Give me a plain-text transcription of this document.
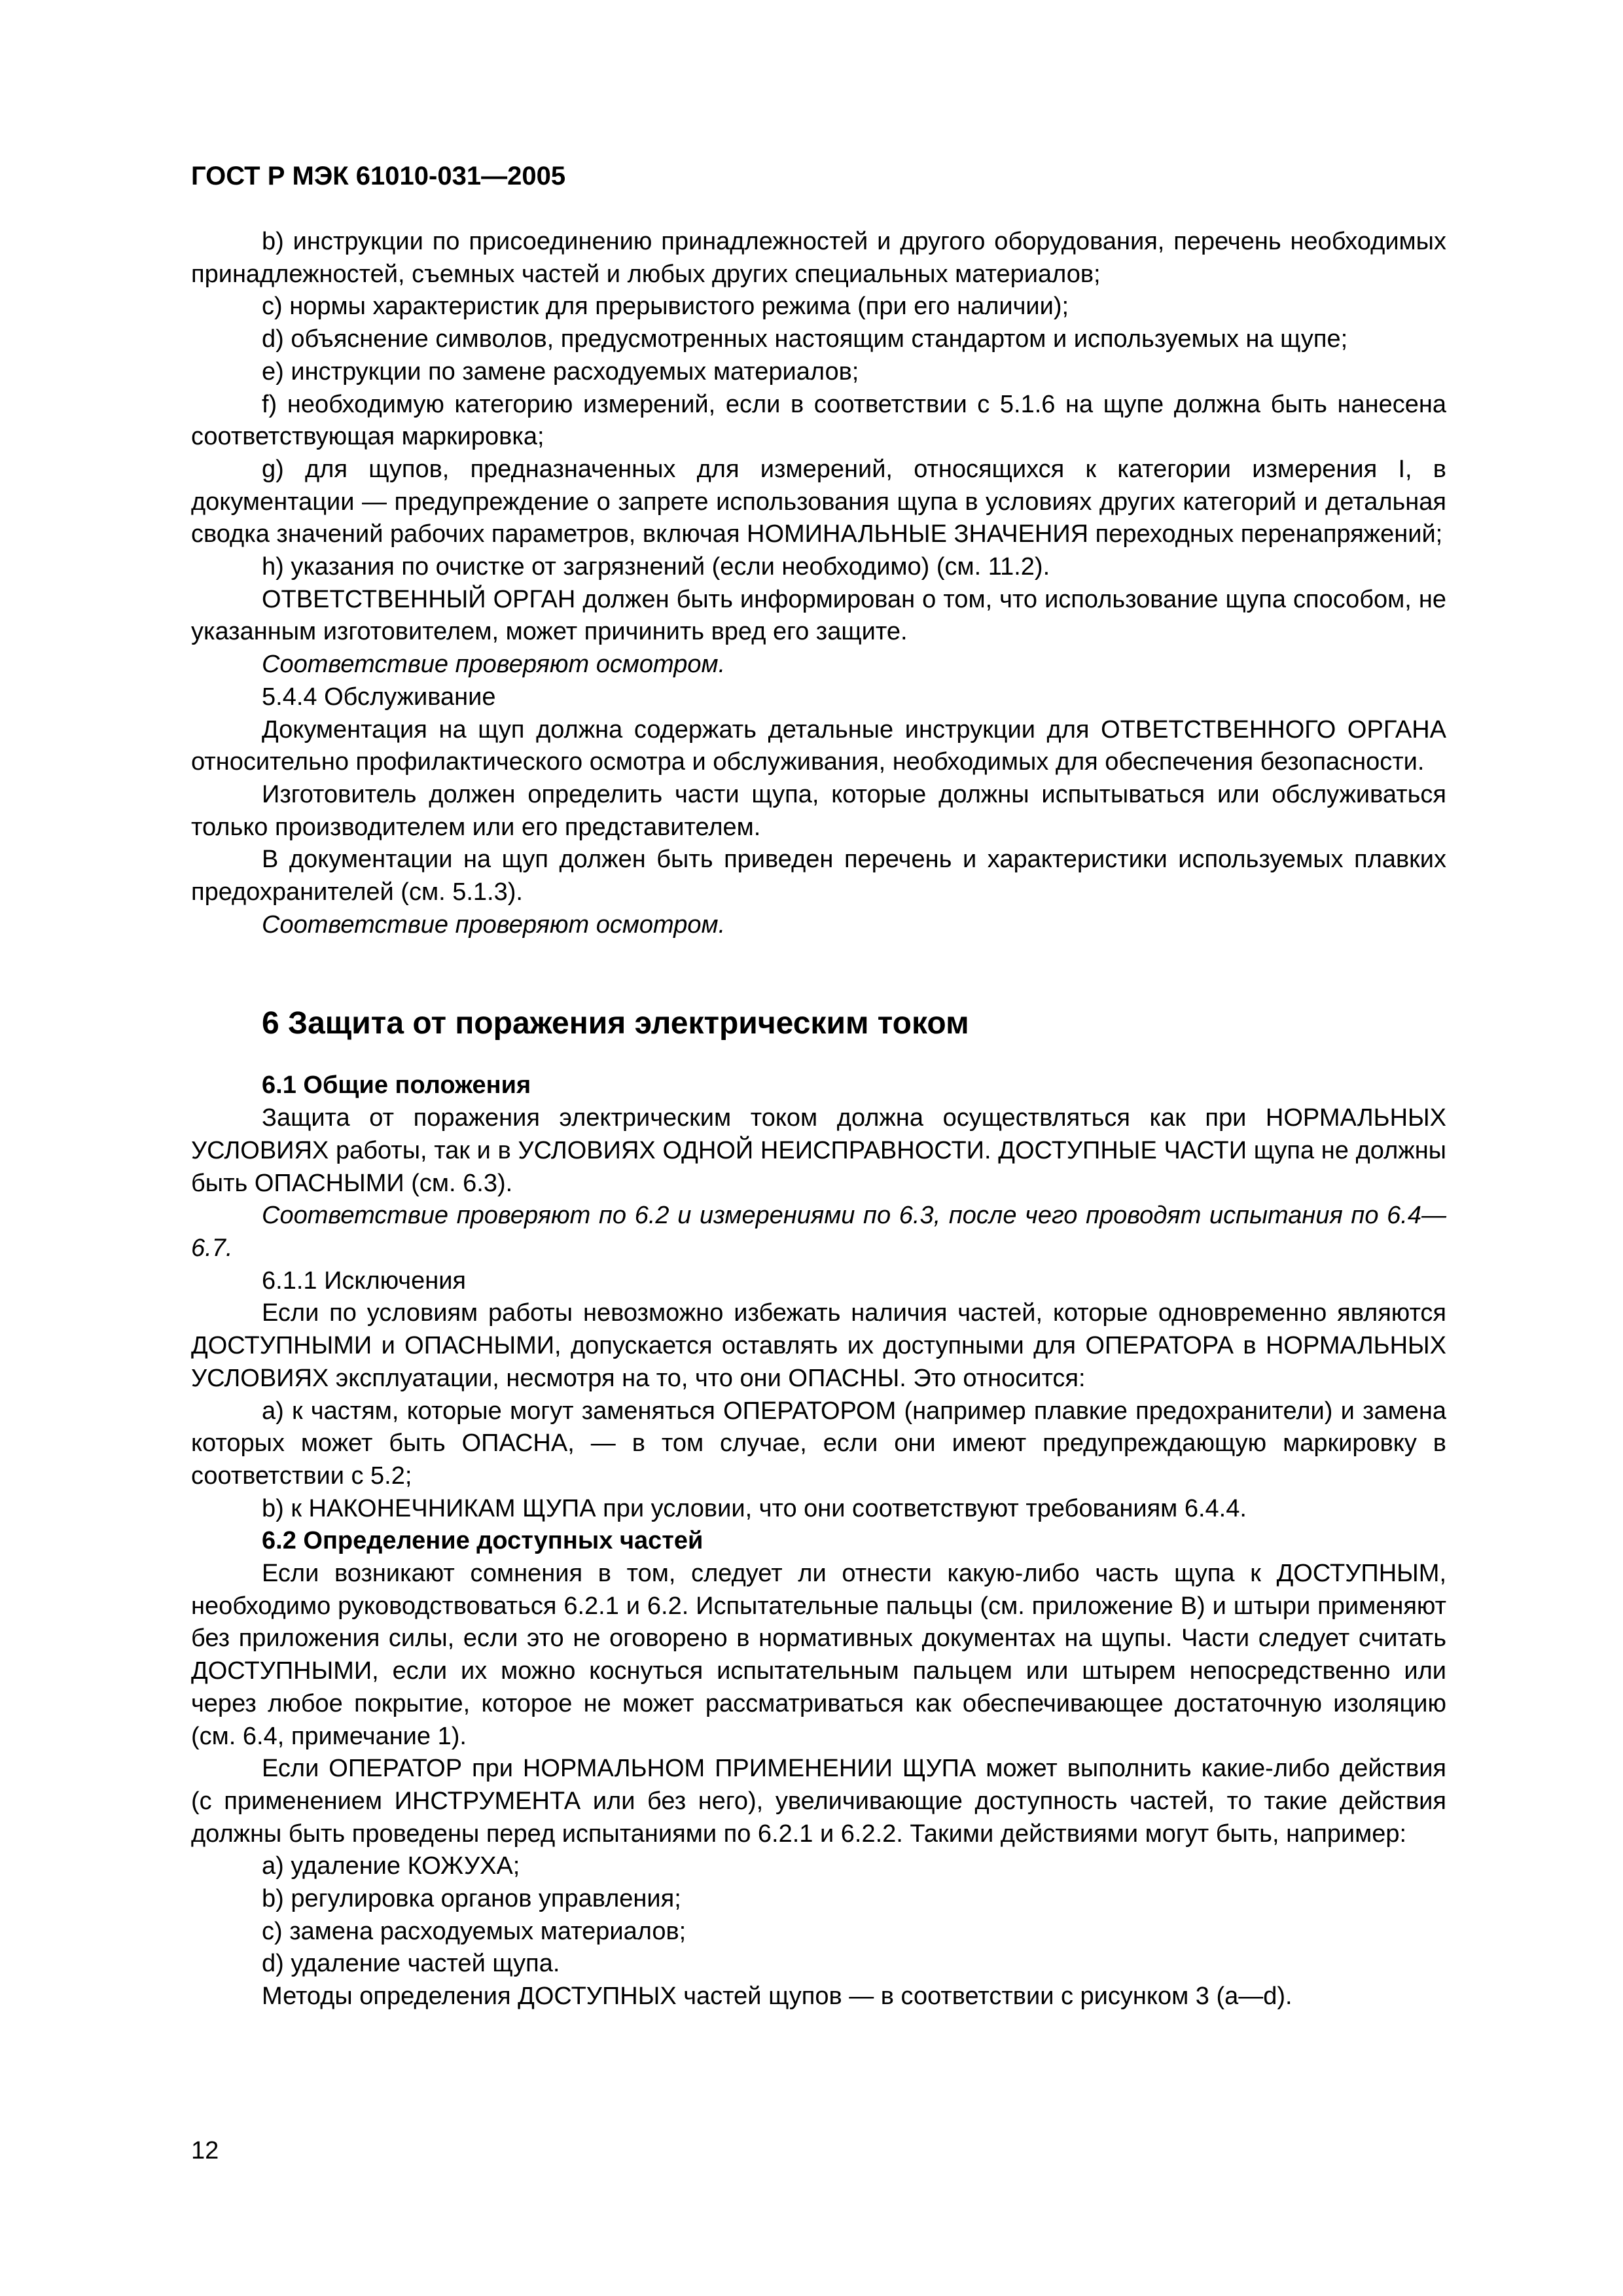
ГОСТ Р МЭК 61010-031—2005

b) инструкции по присоединению принадлежностей и другого оборудования, перечень необходимых принадлежностей, съемных частей и любых других специальных материалов;

c) нормы характеристик для прерывистого режима (при его наличии);

d) объяснение символов, предусмотренных настоящим стандартом и используемых на щупе;

e) инструкции по замене расходуемых материалов;

f) необходимую категорию измерений, если в соответствии с 5.1.6 на щупе должна быть нанесена соответствующая маркировка;

g) для щупов, предназначенных для измерений, относящихся к категории измерения I, в документации — предупреждение о запрете использования щупа в условиях других категорий и детальная сводка значений рабочих параметров, включая НОМИНАЛЬНЫЕ ЗНАЧЕНИЯ переходных перенапряжений;

h) указания по очистке от загрязнений (если необходимо) (см. 11.2).

ОТВЕТСТВЕННЫЙ ОРГАН должен быть информирован о том, что использование щупа способом, не указанным изготовителем, может причинить вред его защите.

Соответствие проверяют осмотром.

5.4.4 Обслуживание

Документация на щуп должна содержать детальные инструкции для ОТВЕТСТВЕННОГО ОРГАНА относительно профилактического осмотра и обслуживания, необходимых для обеспечения безопасности.

Изготовитель должен определить части щупа, которые должны испытываться или обслуживаться только производителем или его представителем.

В документации на щуп должен быть приведен перечень и характеристики используемых плавких предохранителей (см. 5.1.3).

Соответствие проверяют осмотром.

6 Защита от поражения электрическим током

6.1 Общие положения

Защита от поражения электрическим током должна осуществляться как при НОРМАЛЬНЫХ УСЛОВИЯХ работы, так и в УСЛОВИЯХ ОДНОЙ НЕИСПРАВНОСТИ. ДОСТУПНЫЕ ЧАСТИ щупа не должны быть ОПАСНЫМИ (см. 6.3).

Соответствие проверяют по 6.2 и измерениями по 6.3, после чего проводят испытания по 6.4—6.7.

6.1.1 Исключения

Если по условиям работы невозможно избежать наличия частей, которые одновременно являются ДОСТУПНЫМИ и ОПАСНЫМИ, допускается оставлять их доступными для ОПЕРАТОРА в НОРМАЛЬНЫХ УСЛОВИЯХ эксплуатации, несмотря на то, что они ОПАСНЫ. Это относится:

a) к частям, которые могут заменяться ОПЕРАТОРОМ (например плавкие предохранители) и замена которых может быть ОПАСНА, — в том случае, если они имеют предупреждающую маркировку в соответствии с 5.2;

b) к НАКОНЕЧНИКАМ ЩУПА при условии, что они соответствуют требованиям 6.4.4.

6.2 Определение доступных частей

Если возникают сомнения в том, следует ли отнести какую-либо часть щупа к ДОСТУПНЫМ, необходимо руководствоваться 6.2.1 и 6.2. Испытательные пальцы (см. приложение В) и штыри применяют без приложения силы, если это не оговорено в нормативных документах на щупы. Части следует считать ДОСТУПНЫМИ, если их можно коснуться испытательным пальцем или штырем непосредственно или через любое покрытие, которое не может рассматриваться как обеспечивающее достаточную изоляцию (см. 6.4, примечание 1).

Если ОПЕРАТОР при НОРМАЛЬНОМ ПРИМЕНЕНИИ ЩУПА может выполнить какие-либо действия (с применением ИНСТРУМЕНТА или без него), увеличивающие доступность частей, то такие действия должны быть проведены перед испытаниями по 6.2.1 и 6.2.2. Такими действиями могут быть, например:

a) удаление КОЖУХА;

b) регулировка органов управления;

c) замена расходуемых материалов;

d) удаление частей щупа.

Методы определения ДОСТУПНЫХ частей щупов — в соответствии с рисунком 3 (a—d).

12
